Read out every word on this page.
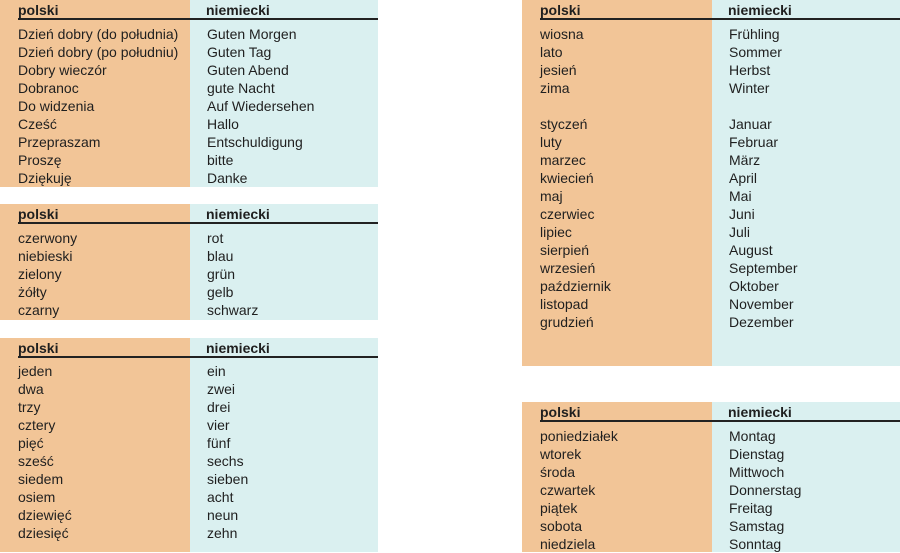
polski
Dzień dobry (do południa)
Dzień dobry (po południu)
Dobry wieczór
Dobranoc
Do widzenia
Cześć
Przepraszam
Proszę
Dziękuję
niemiecki
Guten Morgen
Guten Tag
Guten Abend
gute Nacht
Auf Wiedersehen
Hallo
Entschuldigung
bitte
Danke
polski
czerwony
niebieski
zielony
żółty
czarny
niemiecki
rot
blau
grün
gelb
schwarz
polski
jeden
dwa
trzy
cztery
pięć
sześć
siedem
osiem
dziewięć
dziesięć
niemiecki
ein
zwei
drei
vier
fünf
sechs
sieben
acht
neun
zehn
polski
wiosna
lato
jesień
zima
styczeń
luty
marzec
kwiecień
maj
czerwiec
lipiec
sierpień
wrzesień
październik
listopad
grudzień
niemiecki
Frühling
Sommer
Herbst
Winter
Januar
Februar
März
April
Mai
Juni
Juli
August
September
Oktober
November
Dezember
polski
poniedziałek
wtorek
środa
czwartek
piątek
sobota
niedziela
niemiecki
Montag
Dienstag
Mittwoch
Donnerstag
Freitag
Samstag
Sonntag
